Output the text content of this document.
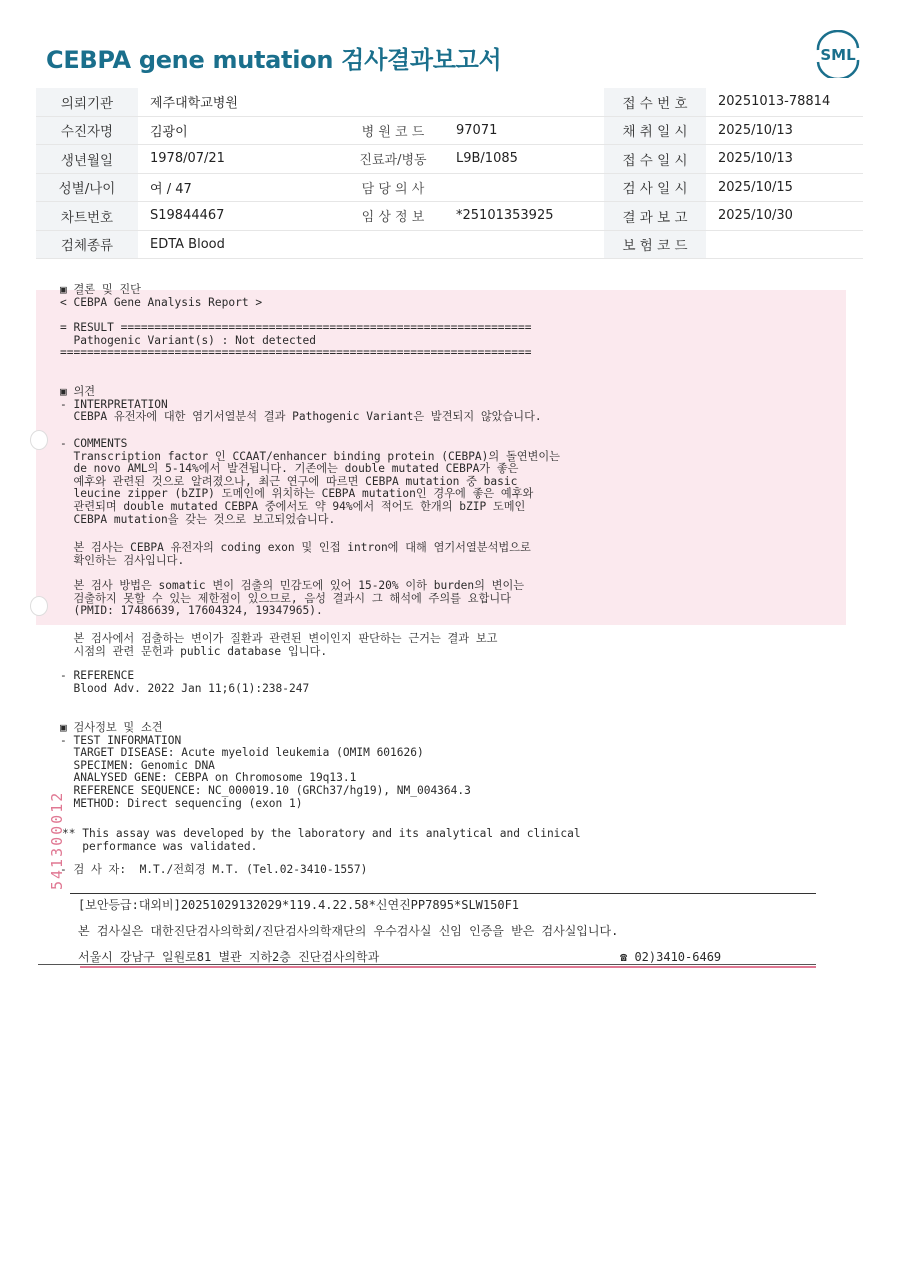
CEBPA gene mutation 검사결과보고서	SML
의뢰기관	제주대학교병원			접 수 번 호	20251013-78814
수진자명	김광이	병 원 코 드	97071	채 취 일 시	2025/10/13
생년월일	1978/07/21	진료과/병동	L9B/1085	접 수 일 시	2025/10/13
성별/나이	여 / 47	담 당 의 사		검 사 일 시	2025/10/15
차트번호	S19844467	임 상 정 보	*25101353925	결 과 보 고	2025/10/30
검체종류	EDTA Blood			보 험 코 드	
▣ 결론 및 진단
< CEBPA Gene Analysis Report >
= RESULT =============================================================
Pathogenic Variant(s) : Not detected
======================================================================
▣ 의견
- INTERPRETATION
CEBPA 유전자에 대한 염기서열분석 결과 Pathogenic Variant은 발견되지 않았습니다.
- COMMENTS
Transcription factor 인 CCAAT/enhancer binding protein (CEBPA)의 돌연변이는
de novo AML의 5-14%에서 발견됩니다. 기존에는 double mutated CEBPA가 좋은
예후와 관련된 것으로 알려졌으나, 최근 연구에 따르면 CEBPA mutation 중 basic
leucine zipper (bZIP) 도메인에 위치하는 CEBPA mutation인 경우에 좋은 예후와
관련되며 double mutated CEBPA 중에서도 약 94%에서 적어도 한개의 bZIP 도메인
CEBPA mutation을 갖는 것으로 보고되었습니다.
본 검사는 CEBPA 유전자의 coding exon 및 인접 intron에 대해 염기서열분석법으로
확인하는 검사입니다.
본 검사 방법은 somatic 변이 검출의 민감도에 있어 15-20% 이하 burden의 변이는
검출하지 못할 수 있는 제한점이 있으므로, 음성 결과시 그 해석에 주의를 요합니다
(PMID: 17486639, 17604324, 19347965).
본 검사에서 검출하는 변이가 질환과 관련된 변이인지 판단하는 근거는 결과 보고
시점의 관련 문헌과 public database 입니다.
- REFERENCE
Blood Adv. 2022 Jan 11;6(1):238-247
▣ 검사정보 및 소견
- TEST INFORMATION
TARGET DISEASE: Acute myeloid leukemia (OMIM 601626)
SPECIMEN: Genomic DNA
ANALYSED GENE: CEBPA on Chromosome 19q13.1
REFERENCE SEQUENCE: NC_000019.10 (GRCh37/hg19), NM_004364.3
METHOD: Direct sequencing (exon 1)
** This assay was developed by the laboratory and its analytical and clinical
performance was validated.
- 검 사 자:  M.T./전희경 M.T. (Tel.02-3410-1557)
541300012
[보안등급:대외비]20251029132029*119.4.22.58*신연진PP7895*SLW150F1
본 검사실은 대한진단검사의학회/진단검사의학재단의 우수검사실 신임 인증을 받은 검사실입니다.
서울시 강남구 일원로81 별관 지하2층 진단검사의학과	☎ 02)3410-6469
